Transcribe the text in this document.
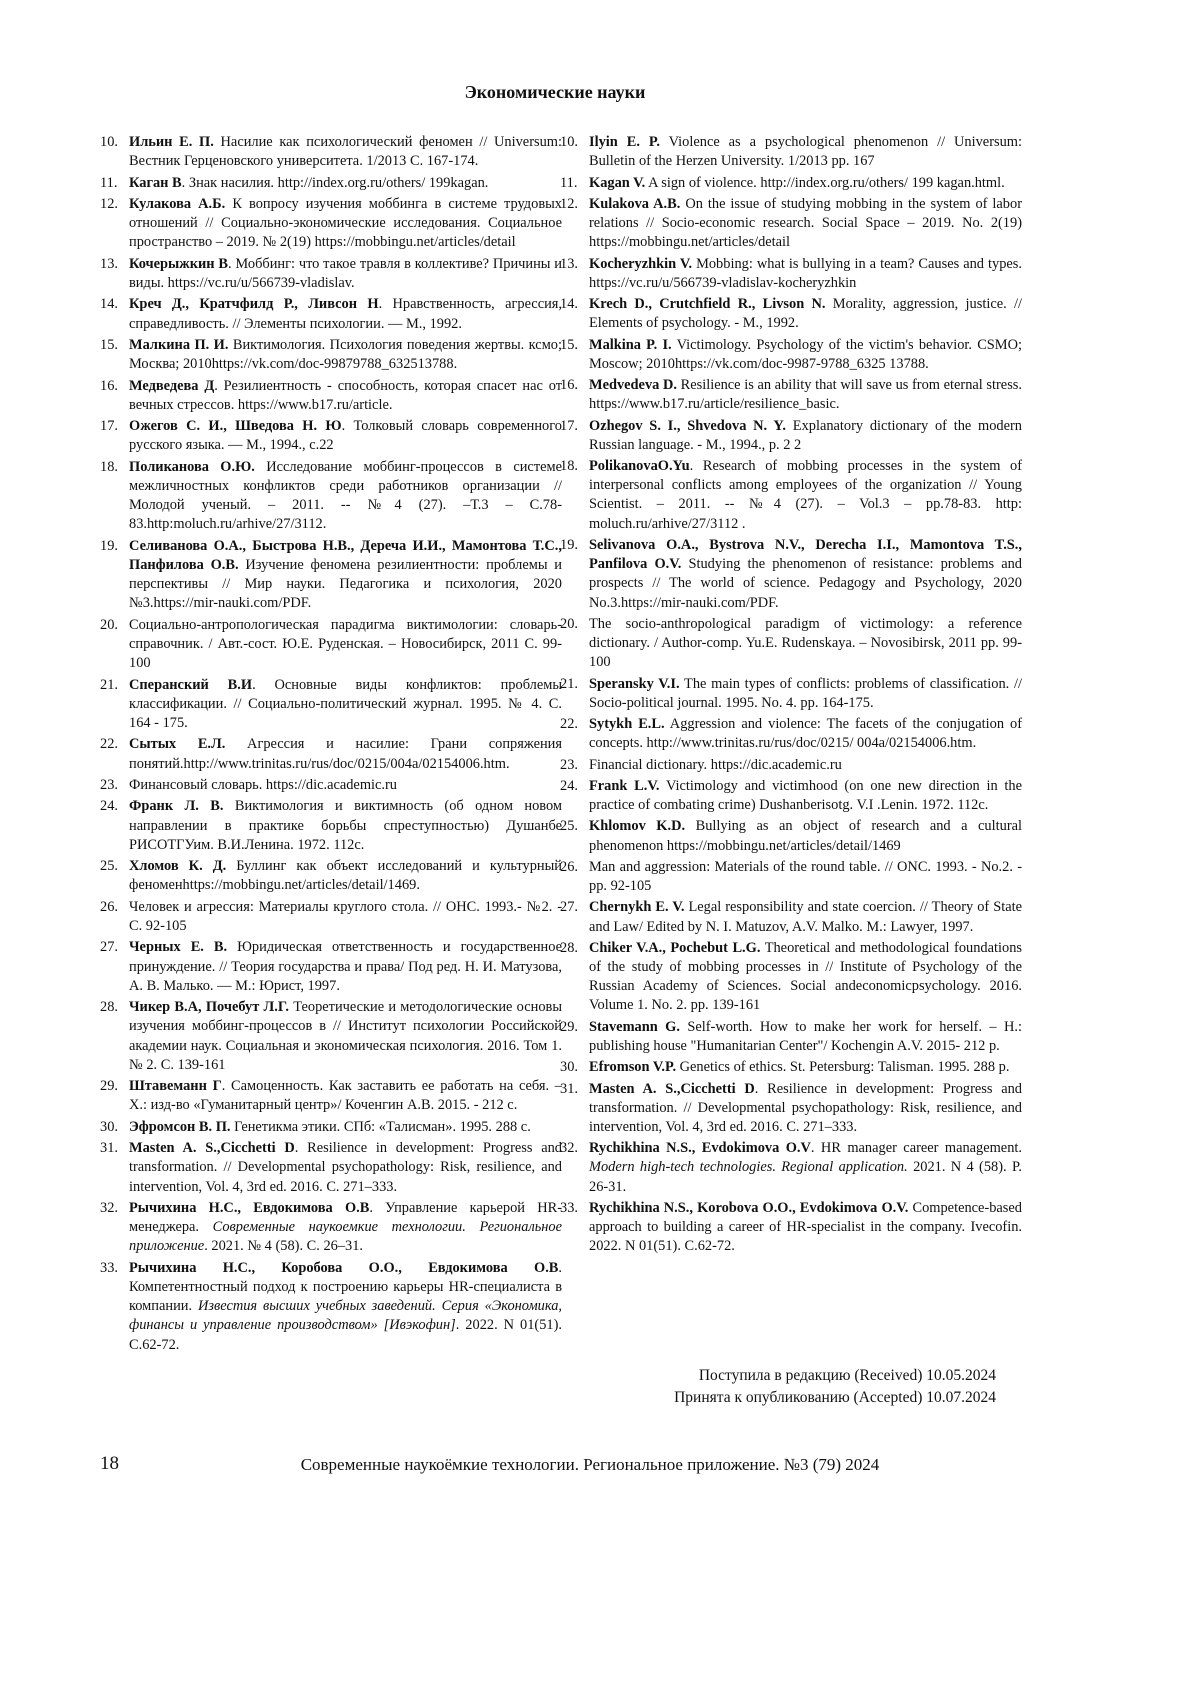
Экономические науки
10. Ильин Е. П. Насилие как психологический феномен // Universum: Вестник Герценовского университета. 1/2013 С. 167-174.
11. Каган В. Знак насилия. http://index.org.ru/others/ 199kagan.
12. Кулакова А.Б. К вопросу изучения моббинга в системе трудовых отношений // Социально-экономические исследования. Социальное пространство – 2019. № 2(19) https://mobbingu.net/articles/detail
13. Кочерыжкин В. Моббинг: что такое травля в коллективе? Причины и виды. https://vc.ru/u/566739-vladislav.
14. Креч Д., Кратчфилд Р., Ливсон Н. Нравственность, агрессия, справедливость. // Элементы психологии. — М., 1992.
15. Малкина П. И. Виктимология. Психология поведения жертвы. ксмо; Москва; 2010https://vk.com/doc-99879788_632513788.
16. Медведева Д. Резилиентность - способность, которая спасет нас от вечных стрессов. https://www.b17.ru/article.
17. Ожегов С. И., Шведова Н. Ю. Толковый словарь современного русского языка. — М., 1994., с.22
18. Поликанова О.Ю. Исследование моббинг-процессов в системе межличностных конфликтов среди работников организации // Молодой ученый. – 2011. -- №4 (27). –Т.3 – С.78-83.http:moluch.ru/arhive/27/3112.
19. Селиванова О.А., Быстрова Н.В., Дереча И.И., Мамонтова Т.С., Панфилова О.В. Изучение феномена резилиентности: проблемы и перспективы // Мир науки. Педагогика и психология, 2020 №3.https://mir-nauki.com/PDF.
20. Социально-антропологическая парадигма виктимологии: словарь-справочник. / Авт.-сост. Ю.Е. Руденская. – Новосибирск, 2011 С. 99-100
21. Сперанский В.И. Основные виды конфликтов: проблемы классификации. // Социально-политический журнал. 1995. № 4. С. 164 - 175.
22. Сытых Е.Л. Агрессия и насилие: Грани сопряжения понятий.http://www.trinitas.ru/rus/doc/0215/004a/02154006.htm.
23. Финансовый словарь. https://dic.academic.ru
24. Франк Л. В. Виктимология и виктимность (об одном новом направлении в практике борьбы спреступностью) Душанбе РИСОТГУим. В.И.Ленина. 1972. 112с.
25. Хломов К. Д. Буллинг как объект исследований и культурный феноменhttps://mobbingu.net/articles/detail/1469.
26. Человек и агрессия: Материалы круглого стола. // ОНС. 1993.- №2. - С. 92-105
27. Черных Е. В. Юридическая ответственность и государственное принуждение. // Теория государства и права/ Под ред. Н. И. Матузова, А. В. Малько. — М.: Юрист, 1997.
28. Чикер В.А, Почебут Л.Г. Теоретические и методологические основы изучения моббинг-процессов в // Институт психологии Российской академии наук. Социальная и экономическая психология. 2016. Том 1. № 2. С. 139-161
29. Штавеманн Г. Самоценность. Как заставить ее работать на себя. – Х.: изд-во «Гуманитарный центр»/ Коченгин А.В. 2015. - 212 с.
30. Эфромсон В. П. Генетикма этики. СПб: «Талисман». 1995. 288 с.
31. Masten A. S.,Cicchetti D. Resilience in development: Progress and transformation. // Developmental psychopathology: Risk, resilience, and intervention, Vol. 4, 3rd ed. 2016. С. 271–333.
32. Рычихина Н.С., Евдокимова О.В. Управление карьерой HR-менеджера. Современные наукоемкие технологии. Региональное приложение. 2021. № 4 (58). С. 26–31.
33. Рычихина Н.С., Коробова О.О., Евдокимова О.В. Компетентностный подход к построению карьеры HR-специалиста в компании. Известия высших учебных заведений. Серия «Экономика, финансы и управление производством» [Ивэкофин]. 2022. N 01(51). С.62-72.
10. Ilyin E. P. Violence as a psychological phenomenon // Universum: Bulletin of the Herzen University. 1/2013 pp. 167
11. Kagan V. A sign of violence. http://index.org.ru/others/ 199 kagan.html.
12. Kulakova A.B. On the issue of studying mobbing in the system of labor relations // Socio-economic research. Social Space – 2019. No. 2(19) https://mobbingu.net/articles/detail
13. Kocheryzhkin V. Mobbing: what is bullying in a team? Causes and types. https://vc.ru/u/566739-vladislav-kocheryzhkin
14. Krech D., Crutchfield R., Livson N. Morality, aggression, justice. // Elements of psychology. - M., 1992.
15. Malkina P. I. Victimology. Psychology of the victim's behavior. CSMO; Moscow; 2010https://vk.com/doc-9987-9788_6325 13788.
16. Medvedeva D. Resilience is an ability that will save us from eternal stress. https://www.b17.ru/article/resilience_basic.
17. Ozhegov S. I., Shvedova N. Y. Explanatory dictionary of the modern Russian language. - M., 1994., p. 2 2
18. PolikanovaO.Yu. Research of mobbing processes in the system of interpersonal conflicts among employees of the organization // Young Scientist. – 2011. -- №4 (27). – Vol.3 – pp.78-83. http: moluch.ru/arhive/27/3112 .
19. Selivanova O.A., Bystrova N.V., Derecha I.I., Mamontova T.S., Panfilova O.V. Studying the phenomenon of resistance: problems and prospects // The world of science. Pedagogy and Psychology, 2020 No.3.https://mir-nauki.com/PDF.
20. The socio-anthropological paradigm of victimology: a reference dictionary. / Author-comp. Yu.E. Rudenskaya. – Novosibirsk, 2011 pp. 99-100
21. Speransky V.I. The main types of conflicts: problems of classification. // Socio-political journal. 1995. No. 4. pp. 164-175.
22. Sytykh E.L. Aggression and violence: The facets of the conjugation of concepts. http://www.trinitas.ru/rus/doc/0215/ 004a/02154006.htm.
23. Financial dictionary. https://dic.academic.ru
24. Frank L.V. Victimology and victimhood (on one new direction in the practice of combating crime) Dushanberisotg. V.I .Lenin. 1972. 112c.
25. Khlomov K.D. Bullying as an object of research and a cultural phenomenon https://mobbingu.net/articles/detail/1469
26. Man and aggression: Materials of the round table. // ONC. 1993. - No.2. - pp. 92-105
27. Chernykh E. V. Legal responsibility and state coercion. // Theory of State and Law/ Edited by N. I. Matuzov, A.V. Malko. M.: Lawyer, 1997.
28. Chiker V.A., Pochebut L.G. Theoretical and methodological foundations of the study of mobbing processes in // Institute of Psychology of the Russian Academy of Sciences. Social andeconomicpsychology. 2016. Volume 1. No. 2. pp. 139-161
29. Stavemann G. Self-worth. How to make her work for herself. – H.: publishing house "Humanitarian Center"/ Kochengin A.V. 2015- 212 p.
30. Efromson V.P. Genetics of ethics. St. Petersburg: Talisman. 1995. 288 p.
31. Masten A. S.,Cicchetti D. Resilience in development: Progress and transformation. // Developmental psychopathology: Risk, resilience, and intervention, Vol. 4, 3rd ed. 2016. С. 271–333.
32. Rychikhina N.S., Evdokimova O.V. HR manager career management. Modern high-tech technologies. Regional application. 2021. N 4 (58). P. 26-31.
33. Rychikhina N.S., Korobova O.O., Evdokimova O.V. Competence-based approach to building a career of HR-specialist in the company. Ivecofin. 2022. N 01(51). С.62-72.
Поступила в редакцию (Received) 10.05.2024
Принята к опубликованию (Accepted) 10.07.2024
18	Современные наукоёмкие технологии. Региональное приложение. №3 (79) 2024
